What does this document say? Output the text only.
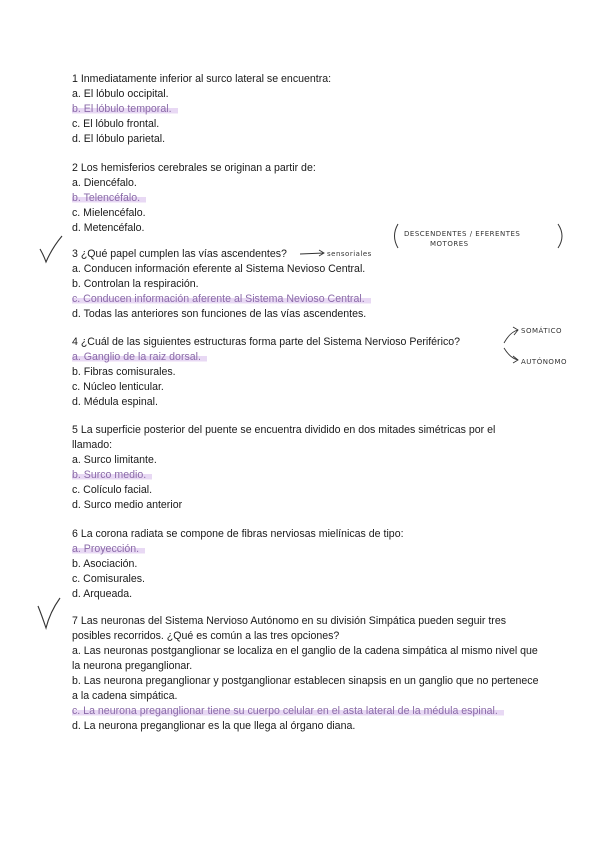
1 Inmediatamente inferior al surco lateral se encuentra:

a. El lóbulo occipital.

b. El lóbulo temporal.

c. El lóbulo frontal.

d. El lóbulo parietal.

2 Los hemisferios cerebrales se originan a partir de:

a. Diencéfalo.

b. Telencéfalo.

c. Mielencéfalo.

d. Metencéfalo.

3 ¿Qué papel cumplen las vías ascendentes?

a. Conducen información eferente al Sistema Nevioso Central.

b. Controlan la respiración.

c. Conducen información aferente al Sistema Nevioso Central.

d. Todas las anteriores son funciones de las vías ascendentes.

4 ¿Cuál de las siguientes estructuras forma parte del Sistema Nervioso Periférico?

a. Ganglio de la raiz dorsal.

b. Fibras comisurales.

c. Núcleo lenticular.

d. Médula espinal.

5 La superficie posterior del puente se encuentra dividido en dos mitades simétricas por el llamado:

a. Surco limitante.

b. Surco medio.

c. Colículo facial.

d. Surco medio anterior

6 La corona radiata se compone de fibras nerviosas mielínicas de tipo:

a. Proyección.

b. Asociación.

c. Comisurales.

d. Arqueada.

7 Las neuronas del Sistema Nervioso Autónomo en su división Simpática pueden seguir tres posibles recorridos. ¿Qué es común a las tres opciones?

a. Las neuronas postganglionar se localiza en el ganglio de la cadena simpática al mismo nivel que la neurona preganglionar.

b. Las neurona preganglionar y postganglionar establecen sinapsis en un ganglio que no pertenece a la cadena simpática.

c. La neurona preganglionar tiene su cuerpo celular en el asta lateral de la médula espinal.

d. La neurona preganglionar es la que llega al órgano diana.

DESCENDENTES / EFERENTES
MOTORES
sensoriales
SOMÁTICO
AUTÓNOMO
